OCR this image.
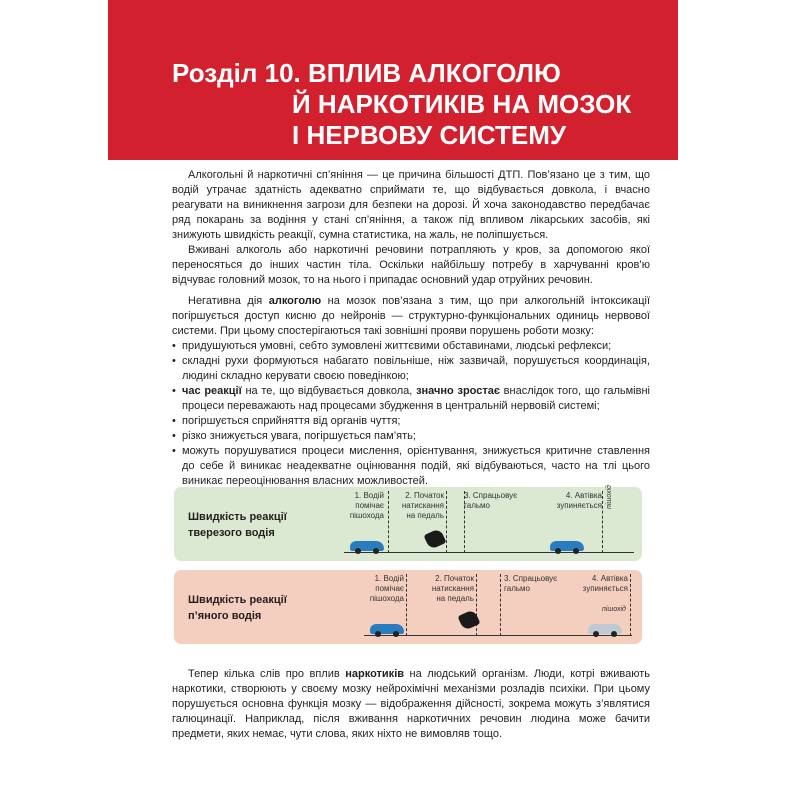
Розділ 10. ВПЛИВ АЛКОГОЛЮ
Й НАРКОТИКІВ НА МОЗОК
І НЕРВОВУ СИСТЕМУ

Алкогольні й наркотичні сп’яніння — це причина більшості ДТП. Пов’язано це з тим, що водій утрачає здатність адекватно сприймати те, що відбувається довкола, і вчасно реагувати на виникнення загрози для безпеки на дорозі. Й хоча законодавство передбачає ряд покарань за водіння у стані сп’яніння, а також під впливом лікарських засобів, які знижують швидкість реакції, сумна статистика, на жаль, не поліпшується.

Вживані алкоголь або наркотичні речовини потрапляють у кров, за допомогою якої переносяться до інших частин тіла. Оскільки найбільшу потребу в харчуванні кров’ю відчуває головний мозок, то на нього і припадає основний удар отруйних речовин.

Негативна дія алкоголю на мозок пов’язана з тим, що при алкогольній інтоксикації погіршується доступ кисню до нейронів — структурно-функціональних одиниць нервової системи. При цьому спостерігаються такі зовнішні прояви порушень роботи мозку:

• придушуються умовні, себто зумовлені життєвими обставинами, людські рефлекси;
• складні рухи формуються набагато повільніше, ніж зазвичай, порушується координація, людині складно керувати своєю поведінкою;
• час реакції на те, що відбувається довкола, значно зростає внаслідок того, що гальмівні процеси переважають над процесами збудження в центральній нервовій системі;
• погіршується сприйняття від органів чуття;
• різко знижується увага, погіршується пам’ять;
• можуть порушуватися процеси мислення, орієнтування, знижується критичне ставлення до себе й виникає неадекватне оцінювання подій, які відбуваються, часто на тлі цього виникає переоцінювання власних можливостей.
Швидкість реакції тверезого водія
1. Водій помічає пішохода
2. Початок натискання на педаль
3. Спрацьовує гальмо
4. Автівка зупиняється пішохід
Швидкість реакції п’яного водія
1. Водій помічає пішохода
2. Початок натискання на педаль
3. Спрацьовує гальмо
4. Автівка зупиняється
пішохід

Тепер кілька слів про вплив наркотиків на людський організм. Люди, котрі вживають наркотики, створюють у своєму мозку нейрохімічні механізми розладів психіки. При цьому порушується основна функція мозку — відображення дійсності, зокрема можуть з’являтися галюцинації. Наприклад, після вживання наркотичних речовин людина може бачити предмети, яких немає, чути слова, яких ніхто не вимовляв тощо.
